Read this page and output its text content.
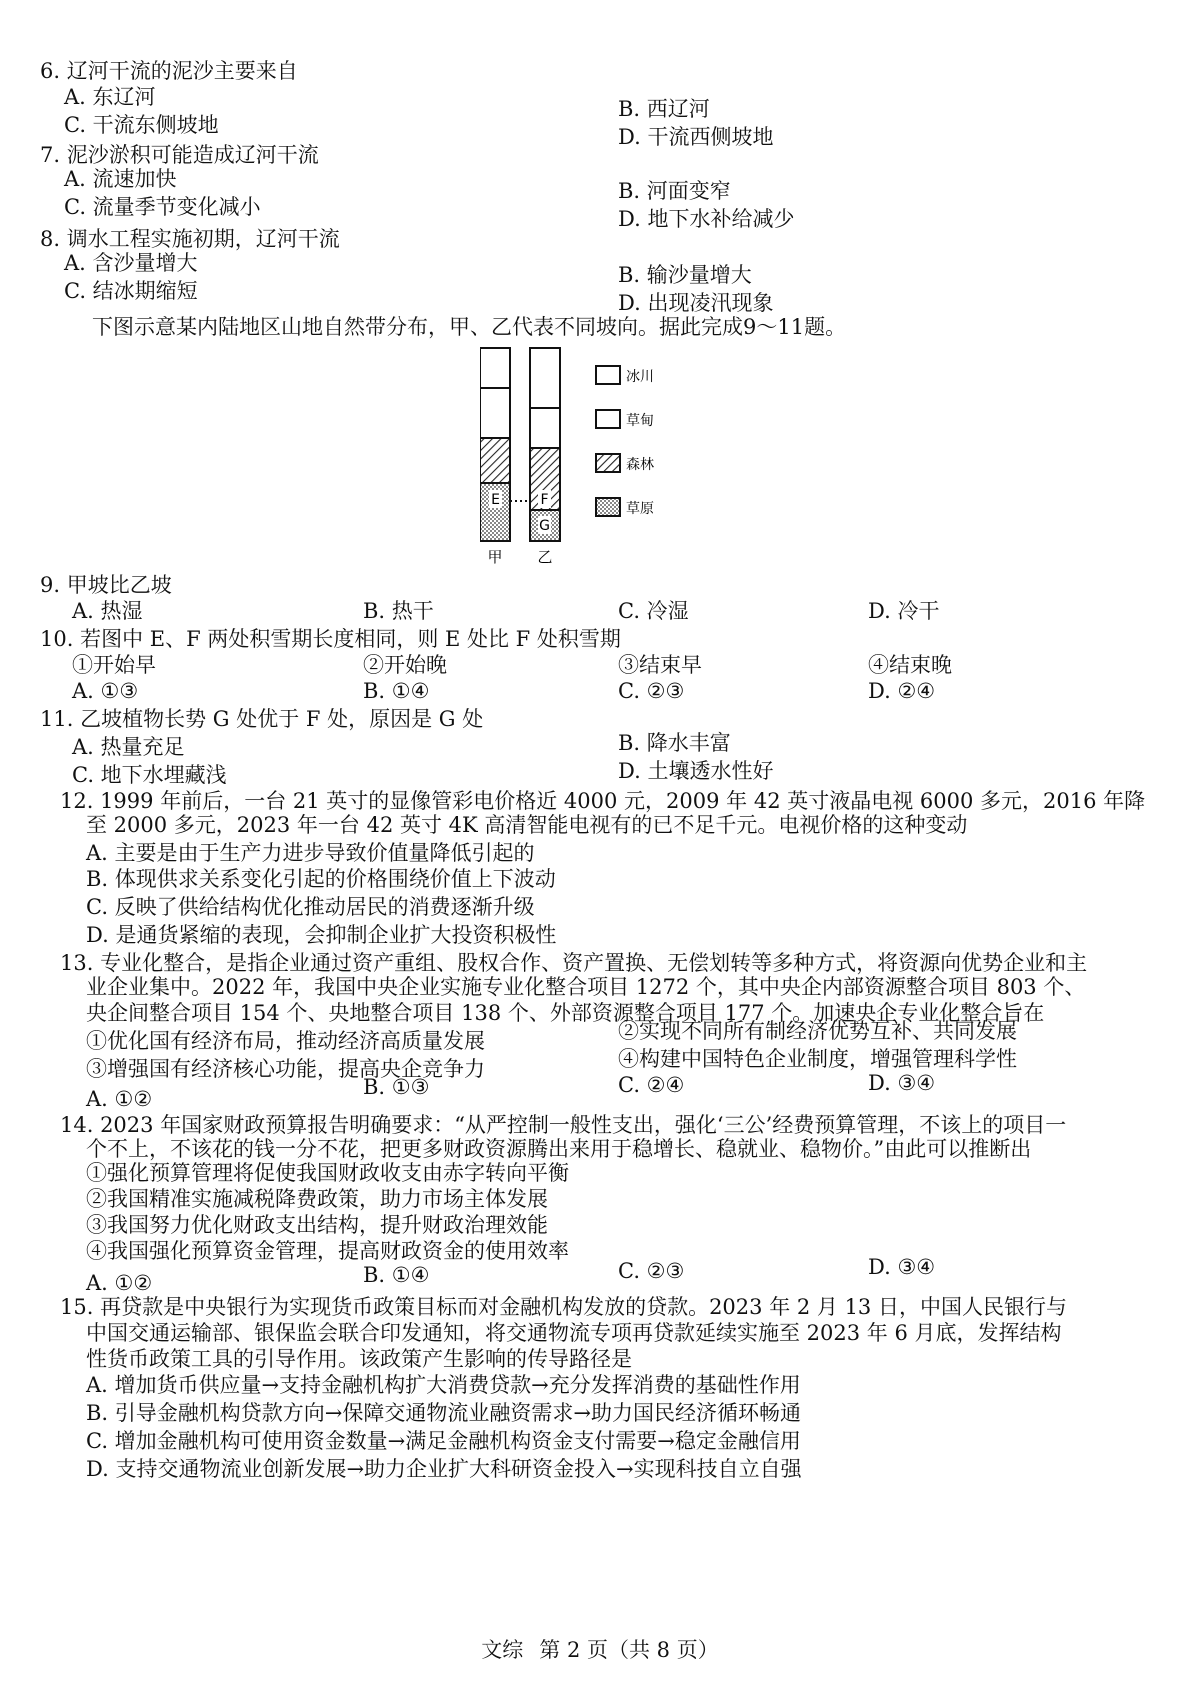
6. 辽河干流的泥沙主要来自
A. 东辽河	B. 西辽河
C. 干流东侧坡地	D. 干流西侧坡地
7. 泥沙淤积可能造成辽河干流
A. 流速加快	B. 河面变窄
C. 流量季节变化减小	D. 地下水补给减少
8. 调水工程实施初期，辽河干流
A. 含沙量增大	B. 输沙量增大
C. 结冰期缩短	D. 出现凌汛现象
下图示意某内陆地区山地自然带分布，甲、乙代表不同坡向。据此完成9～11题。
E	F
G
甲 乙
冰川
草甸
森林
草原
9. 甲坡比乙坡
A. 热湿	B. 热干	C. 冷湿	D. 冷干
10. 若图中 E、F 两处积雪期长度相同，则 E 处比 F 处积雪期
①开始早	②开始晚	③结束早	④结束晚
A. ①③	B. ①④	C. ②③	D. ②④
11. 乙坡植物长势 G 处优于 F 处，原因是 G 处
A. 热量充足	B. 降水丰富
C. 地下水埋藏浅	D. 土壤透水性好
12. 1999 年前后，一台 21 英寸的显像管彩电价格近 4000 元，2009 年 42 英寸液晶电视 6000 多元，2016 年降
至 2000 多元，2023 年一台 42 英寸 4K 高清智能电视有的已不足千元。电视价格的这种变动
A. 主要是由于生产力进步导致价值量降低引起的
B. 体现供求关系变化引起的价格围绕价值上下波动
C. 反映了供给结构优化推动居民的消费逐渐升级
D. 是通货紧缩的表现，会抑制企业扩大投资积极性
13. 专业化整合，是指企业通过资产重组、股权合作、资产置换、无偿划转等多种方式，将资源向优势企业和主
业企业集中。2022 年，我国中央企业实施专业化整合项目 1272 个，其中央企内部资源整合项目 803 个、
央企间整合项目 154 个、央地整合项目 138 个、外部资源整合项目 177 个。加速央企专业化整合旨在
①优化国有经济布局，推动经济高质量发展	②实现不同所有制经济优势互补、共同发展
③增强国有经济核心功能，提高央企竞争力	④构建中国特色企业制度，增强管理科学性
A. ①②	B. ①③	C. ②④	D. ③④
14. 2023 年国家财政预算报告明确要求：“从严控制一般性支出，强化‘三公’经费预算管理，不该上的项目一
个不上，不该花的钱一分不花，把更多财政资源腾出来用于稳增长、稳就业、稳物价。”由此可以推断出
①强化预算管理将促使我国财政收支由赤字转向平衡
②我国精准实施减税降费政策，助力市场主体发展
③我国努力优化财政支出结构，提升财政治理效能
④我国强化预算资金管理，提高财政资金的使用效率
A. ①②	B. ①④	C. ②③	D. ③④
15. 再贷款是中央银行为实现货币政策目标而对金融机构发放的贷款。2023 年 2 月 13 日，中国人民银行与
中国交通运输部、银保监会联合印发通知，将交通物流专项再贷款延续实施至 2023 年 6 月底，发挥结构
性货币政策工具的引导作用。该政策产生影响的传导路径是
A. 增加货币供应量→支持金融机构扩大消费贷款→充分发挥消费的基础性作用
B. 引导金融机构贷款方向→保障交通物流业融资需求→助力国民经济循环畅通
C. 增加金融机构可使用资金数量→满足金融机构资金支付需要→稳定金融信用
D. 支持交通物流业创新发展→助力企业扩大科研资金投入→实现科技自立自强
文综 第 2 页（共 8 页）
